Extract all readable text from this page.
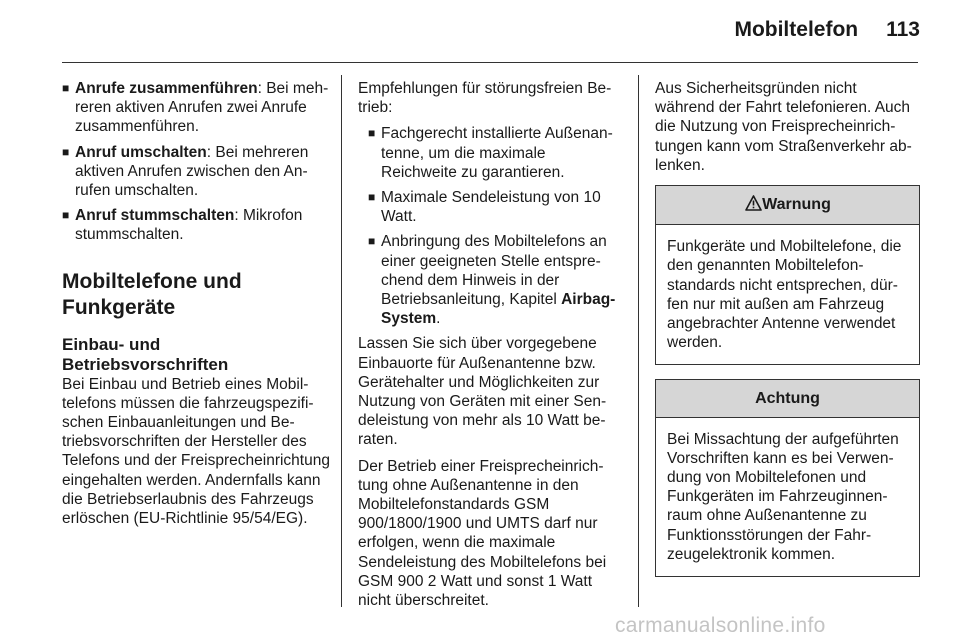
Mobiltelefon 113
■ Anrufe zusammenführen: Bei mehreren aktiven Anrufen zwei Anrufe zusammenführen.
■ Anruf umschalten: Bei mehreren aktiven Anrufen zwischen den Anrufen umschalten.
■ Anruf stummschalten: Mikrofon stummschalten.
Mobiltelefone und Funkgeräte
Einbau- und Betriebsvorschriften

Bei Einbau und Betrieb eines Mobiltelefons müssen die fahrzeugspezifischen Einbauanleitungen und Betriebsvorschriften der Hersteller des Telefons und der Freisprecheinrichtung eingehalten werden. Andernfalls kann die Betriebserlaubnis des Fahrzeugs erlöschen (EU-Richtlinie 95/54/EG).

Empfehlungen für störungsfreien Betrieb:

■ Fachgerecht installierte Außenantenne, um die maximale Reichweite zu garantieren.
■ Maximale Sendeleistung von 10 Watt.
■ Anbringung des Mobiltelefons an einer geeigneten Stelle entsprechend dem Hinweis in der Betriebsanleitung, Kapitel Airbag-System.

Lassen Sie sich über vorgegebene Einbauorte für Außenantenne bzw. Gerätehalter und Möglichkeiten zur Nutzung von Geräten mit einer Sendeleistung von mehr als 10 Watt beraten.

Der Betrieb einer Freisprecheinrichtung ohne Außenantenne in den Mobiltelefonstandards GSM 900/1800/1900 und UMTS darf nur erfolgen, wenn die maximale Sendeleistung des Mobiltelefons bei GSM 900 2 Watt und sonst 1 Watt nicht überschreitet.

Aus Sicherheitsgründen nicht während der Fahrt telefonieren. Auch die Nutzung von Freisprecheinrichtungen kann vom Straßenverkehr ablenken.

Warnung
Funkgeräte und Mobiltelefone, die den genannten Mobiltelefonstandards nicht entsprechen, dürfen nur mit außen am Fahrzeug angebrachter Antenne verwendet werden.
Achtung
Bei Missachtung der aufgeführten Vorschriften kann es bei Verwendung von Mobiltelefonen und Funkgeräten im Fahrzeuginnenraum ohne Außenantenne zu Funktionsstörungen der Fahrzeugelektronik kommen.
carmanualsonline.info
